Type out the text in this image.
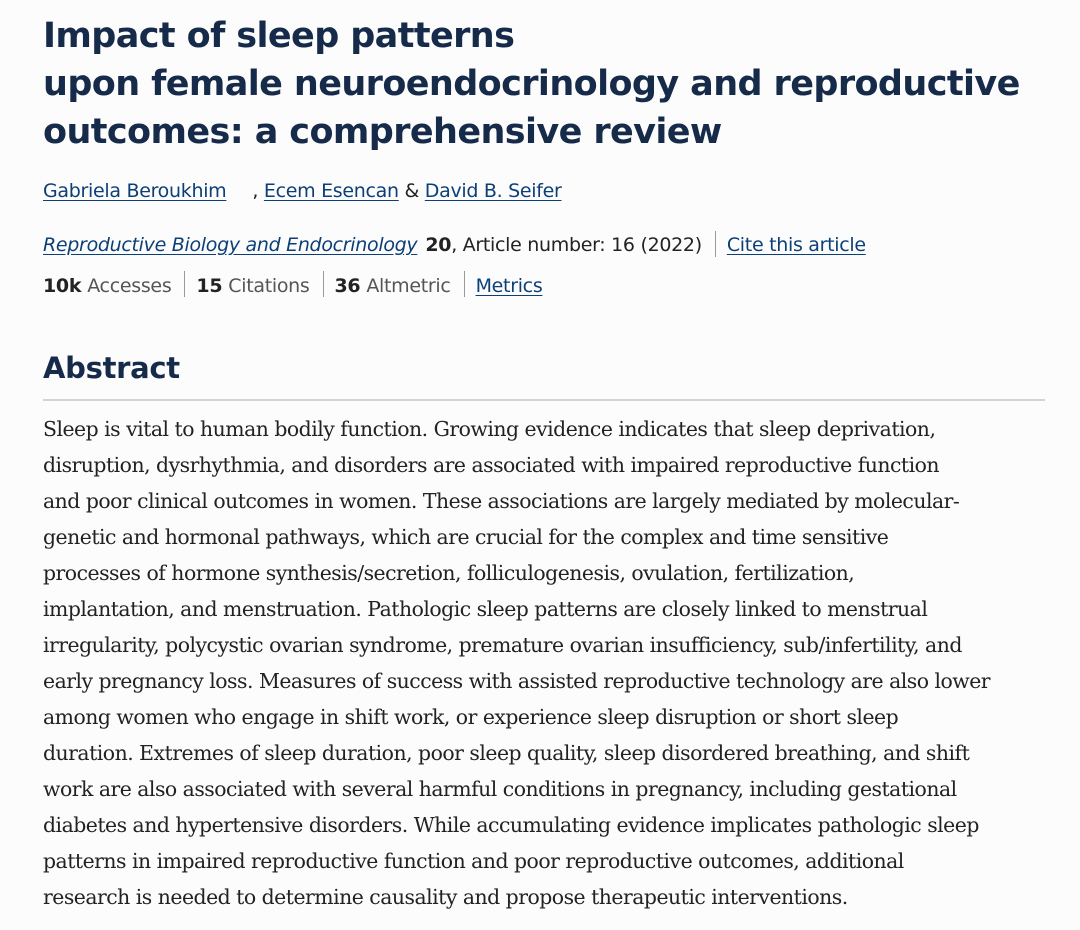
Impact of sleep patterns
upon female neuroendocrinology and reproductive
outcomes: a comprehensive review
Gabriela Beroukhim , Ecem Esencan & David B. Seifer
Reproductive Biology and Endocrinology 20, Article number: 16 (2022) Cite this article
10k Accesses 15 Citations 36 Altmetric Metrics
Abstract
Sleep is vital to human bodily function. Growing evidence indicates that sleep deprivation,
disruption, dysrhythmia, and disorders are associated with impaired reproductive function
and poor clinical outcomes in women. These associations are largely mediated by molecular-
genetic and hormonal pathways, which are crucial for the complex and time sensitive
processes of hormone synthesis/secretion, folliculogenesis, ovulation, fertilization,
implantation, and menstruation. Pathologic sleep patterns are closely linked to menstrual
irregularity, polycystic ovarian syndrome, premature ovarian insufficiency, sub/infertility, and
early pregnancy loss. Measures of success with assisted reproductive technology are also lower
among women who engage in shift work, or experience sleep disruption or short sleep
duration. Extremes of sleep duration, poor sleep quality, sleep disordered breathing, and shift
work are also associated with several harmful conditions in pregnancy, including gestational
diabetes and hypertensive disorders. While accumulating evidence implicates pathologic sleep
patterns in impaired reproductive function and poor reproductive outcomes, additional
research is needed to determine causality and propose therapeutic interventions.
